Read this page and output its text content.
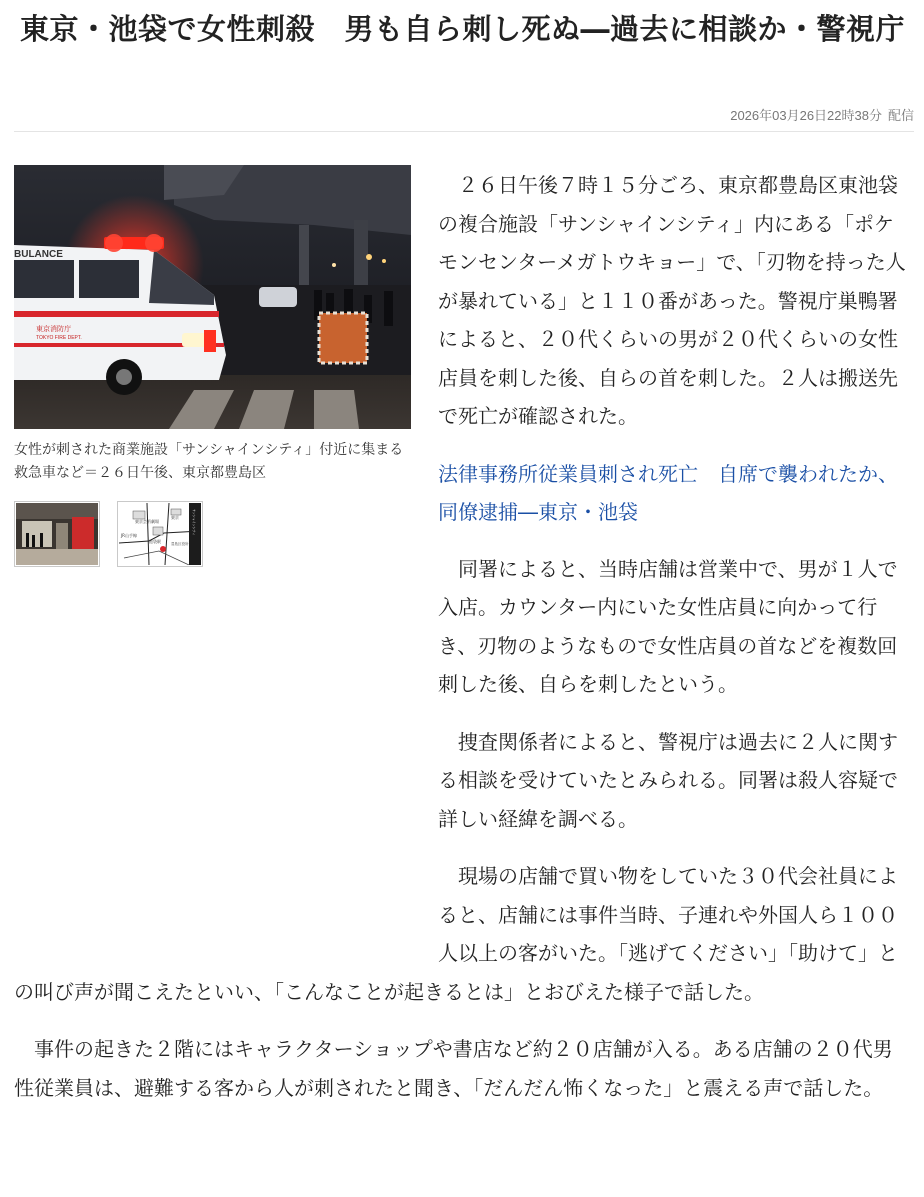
東京・池袋で女性刺殺　男も自ら刺し死ぬ―過去に相談か・警視庁
2026年03月26日22時38分 配信
BULANCE
東京消防庁
TOKYO FIRE DEPT.

女性が刺された商業施設「サンシャインシティ」付近に集まる救急車など＝２６日午後、東京都豊島区

東京芸術劇場
JR山手線
池袋駅
東京	サンシャインシティ
豊島区役所

２６日午後７時１５分ごろ、東京都豊島区東池袋の複合施設「サンシャインシティ」内にある「ポケモンセンターメガトウキョー」で、「刃物を持った人が暴れている」と１１０番があった。警視庁巣鴨署によると、２０代くらいの男が２０代くらいの女性店員を刺した後、自らの首を刺した。２人は搬送先で死亡が確認された。

法律事務所従業員刺され死亡　自席で襲われたか、同僚逮捕―東京・池袋

同署によると、当時店舗は営業中で、男が１人で入店。カウンター内にいた女性店員に向かって行き、刃物のようなもので女性店員の首などを複数回刺した後、自らを刺したという。

捜査関係者によると、警視庁は過去に２人に関する相談を受けていたとみられる。同署は殺人容疑で詳しい経緯を調べる。

現場の店舗で買い物をしていた３０代会社員によると、店舗には事件当時、子連れや外国人ら１００人以上の客がいた。「逃げてください」「助けて」との叫び声が聞こえたといい、「こんなことが起きるとは」とおびえた様子で話した。

事件の起きた２階にはキャラクターショップや書店など約２０店舗が入る。ある店舗の２０代男性従業員は、避難する客から人が刺されたと聞き、「だんだん怖くなった」と震える声で話した。
